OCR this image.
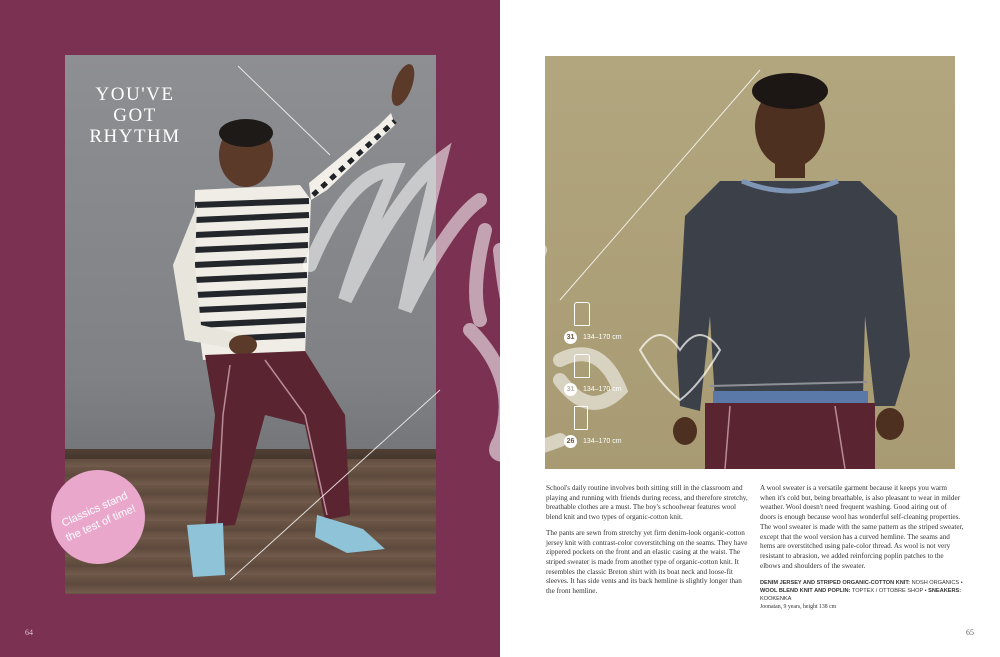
YOU'VE
GOT
RHYTHM
Classics stand the test of time!
64
31 134–170 cm
31 134–170 cm
26 134–170 cm

School's daily routine involves both sitting still in the classroom and playing and running with friends during recess, and therefore stretchy, breathable clothes are a must. The boy's schoolwear features wool blend knit and two types of organic-cotton knit.

The pants are sewn from stretchy yet firm denim-look organic-cotton jersey knit with contrast-color coverstitching on the seams. They have zippered pockets on the front and an elastic casing at the waist. The striped sweater is made from another type of organic-cotton knit. It resembles the classic Breton shirt with its boat neck and loose-fit sleeves. It has side vents and its back hemline is slightly longer than the front hemline.

A wool sweater is a versatile garment because it keeps you warm when it's cold but, being breathable, is also pleasant to wear in milder weather. Wool doesn't need frequent washing. Good airing out of doors is enough because wool has wonderful self-cleaning properties. The wool sweater is made with the same pattern as the striped sweater, except that the wool version has a curved hemline. The seams and hems are overstitched using pale-color thread. As wool is not very resistant to abrasion, we added reinforcing poplin patches to the elbows and shoulders of the sweater.

DENIM JERSEY AND STRIPED ORGANIC-COTTON KNIT: NOSH ORGANICS • WOOL BLEND KNIT AND POPLIN: TOPTEX / OTTOBRE SHOP • SNEAKERS: KOOKENKA
Joonatan, 9 years, height 138 cm
65
